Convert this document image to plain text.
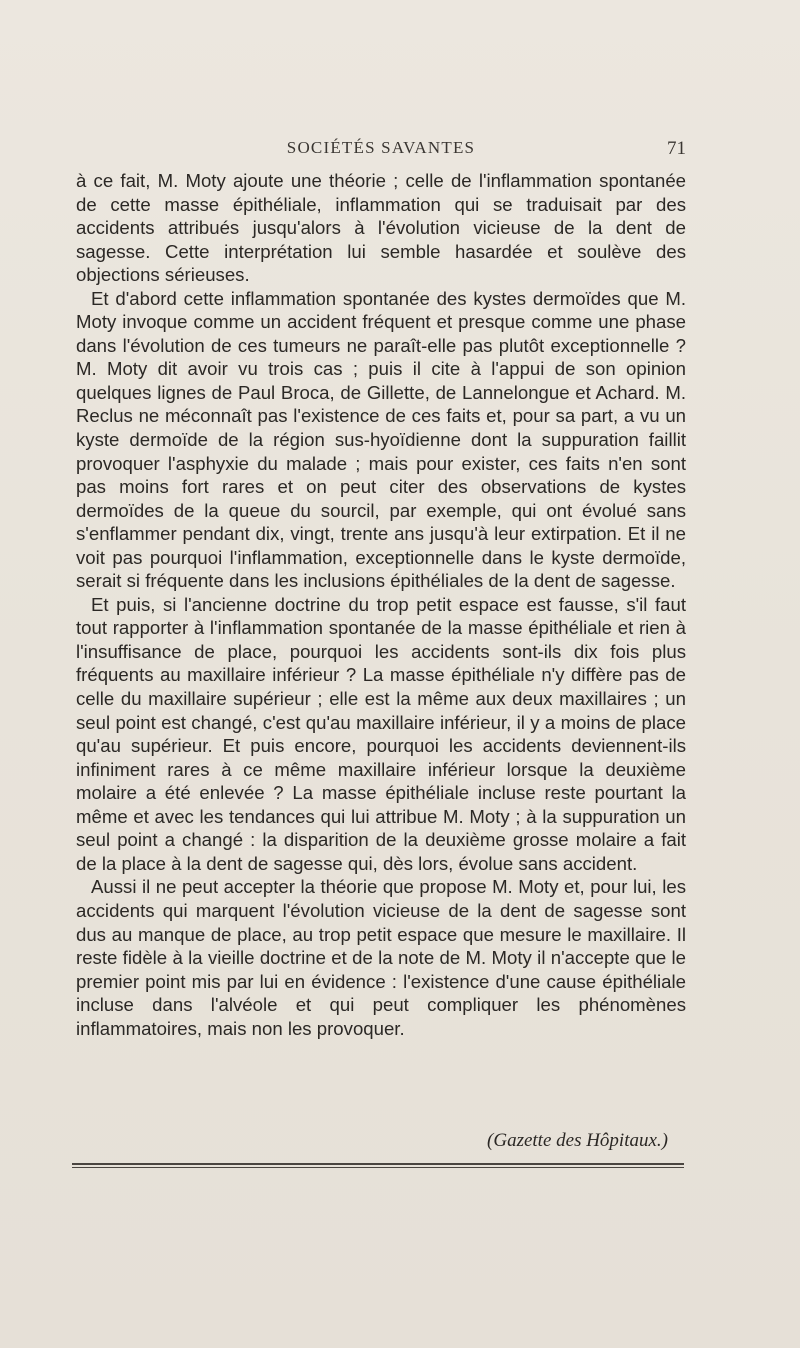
SOCIÉTÉS SAVANTES	71

à ce fait, M. Moty ajoute une théorie ; celle de l'inflammation spontanée de cette masse épithéliale, inflammation qui se traduisait par des accidents attribués jusqu'alors à l'évolution vicieuse de la dent de sagesse. Cette interprétation lui semble hasardée et soulève des objections sérieuses.

Et d'abord cette inflammation spontanée des kystes dermoïdes que M. Moty invoque comme un accident fréquent et presque comme une phase dans l'évolution de ces tumeurs ne paraît-elle pas plutôt exceptionnelle ? M. Moty dit avoir vu trois cas ; puis il cite à l'appui de son opinion quelques lignes de Paul Broca, de Gillette, de Lannelongue et Achard. M. Reclus ne méconnaît pas l'existence de ces faits et, pour sa part, a vu un kyste dermoïde de la région sus-hyoïdienne dont la suppuration faillit provoquer l'asphyxie du malade ; mais pour exister, ces faits n'en sont pas moins fort rares et on peut citer des observations de kystes dermoïdes de la queue du sourcil, par exemple, qui ont évolué sans s'enflammer pendant dix, vingt, trente ans jusqu'à leur extirpation. Et il ne voit pas pourquoi l'inflammation, exceptionnelle dans le kyste dermoïde, serait si fréquente dans les inclusions épithéliales de la dent de sagesse.

Et puis, si l'ancienne doctrine du trop petit espace est fausse, s'il faut tout rapporter à l'inflammation spontanée de la masse épithéliale et rien à l'insuffisance de place, pourquoi les accidents sont-ils dix fois plus fréquents au maxillaire inférieur ? La masse épithéliale n'y diffère pas de celle du maxillaire supérieur ; elle est la même aux deux maxillaires ; un seul point est changé, c'est qu'au maxillaire inférieur, il y a moins de place qu'au supérieur. Et puis encore, pourquoi les accidents deviennent-ils infiniment rares à ce même maxillaire inférieur lorsque la deuxième molaire a été enlevée ? La masse épithéliale incluse reste pourtant la même et avec les tendances qui lui attribue M. Moty ; à la suppuration un seul point a changé : la disparition de la deuxième grosse molaire a fait de la place à la dent de sagesse qui, dès lors, évolue sans accident.

Aussi il ne peut accepter la théorie que propose M. Moty et, pour lui, les accidents qui marquent l'évolution vicieuse de la dent de sagesse sont dus au manque de place, au trop petit espace que mesure le maxillaire. Il reste fidèle à la vieille doctrine et de la note de M. Moty il n'accepte que le premier point mis par lui en évidence : l'existence d'une cause épithéliale incluse dans l'alvéole et qui peut compliquer les phénomènes inflammatoires, mais non les provoquer.

(Gazette des Hôpitaux.)
